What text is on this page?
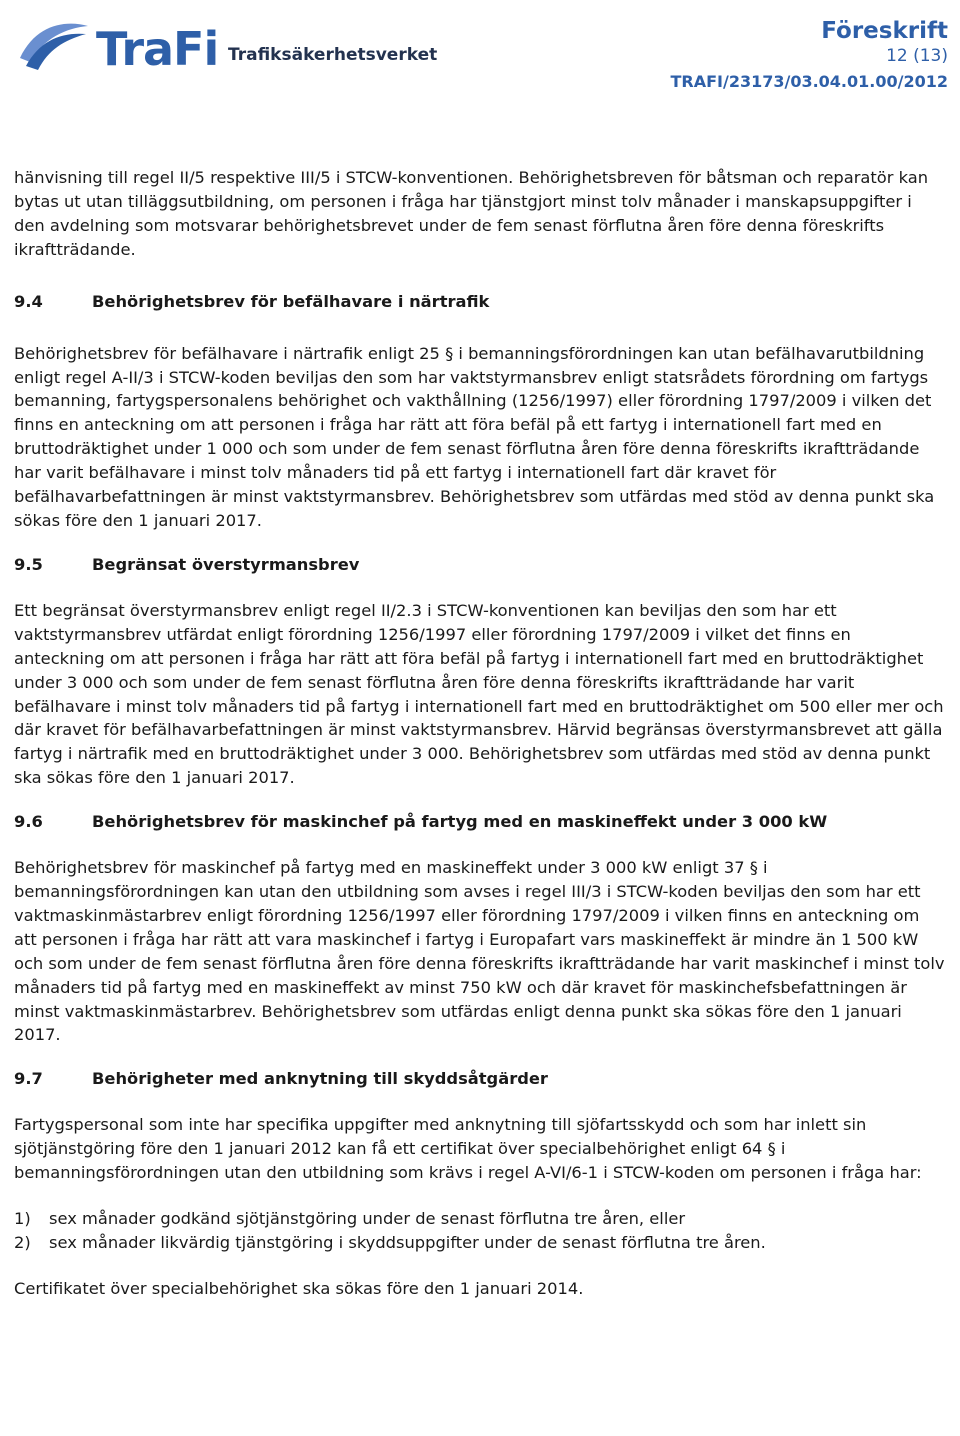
TraFi Trafiksäkerhetsverket
Föreskrift
12 (13)
TRAFI/23173/03.04.01.00/2012

hänvisning till regel II/5 respektive III/5 i STCW-konventionen. Behörighetsbreven för båtsman och reparatör kan bytas ut utan tilläggsutbildning, om personen i fråga har tjänstgjort minst tolv månader i manskapsuppgifter i den avdelning som motsvarar behörighetsbrevet under de fem senast förflutna åren före denna föreskrifts ikraftträdande.

9.4	Behörighetsbrev för befälhavare i närtrafik

Behörighetsbrev för befälhavare i närtrafik enligt 25 § i bemanningsförordningen kan utan befälhavarutbildning enligt regel A-II/3 i STCW-koden beviljas den som har vaktstyrmansbrev enligt statsrådets förordning om fartygs bemanning, fartygspersonalens behörighet och vakthållning (1256/1997) eller förordning 1797/2009 i vilken det finns en anteckning om att personen i fråga har rätt att föra befäl på ett fartyg i internationell fart med en bruttodräktighet under 1 000 och som under de fem senast förflutna åren före denna föreskrifts ikraftträdande har varit befälhavare i minst tolv månaders tid på ett fartyg i internationell fart där kravet för befälhavarbefattningen är minst vaktstyrmansbrev. Behörighetsbrev som utfärdas med stöd av denna punkt ska sökas före den 1 januari 2017.

9.5	Begränsat överstyrmansbrev

Ett begränsat överstyrmansbrev enligt regel II/2.3 i STCW-konventionen kan beviljas den som har ett vaktstyrmansbrev utfärdat enligt förordning 1256/1997 eller förordning 1797/2009 i vilket det finns en anteckning om att personen i fråga har rätt att föra befäl på fartyg i internationell fart med en bruttodräktighet under 3 000 och som under de fem senast förflutna åren före denna föreskrifts ikraftträdande har varit befälhavare i minst tolv månaders tid på fartyg i internationell fart med en bruttodräktighet om 500 eller mer och där kravet för befälhavarbefattningen är minst vaktstyrmansbrev. Härvid begränsas överstyrmansbrevet att gälla fartyg i närtrafik med en bruttodräktighet under 3 000. Behörighetsbrev som utfärdas med stöd av denna punkt ska sökas före den 1 januari 2017.

9.6	Behörighetsbrev för maskinchef på fartyg med en maskineffekt under 3 000 kW

Behörighetsbrev för maskinchef på fartyg med en maskineffekt under 3 000 kW enligt 37 § i bemanningsförordningen kan utan den utbildning som avses i regel III/3 i STCW-koden beviljas den som har ett vaktmaskinmästarbrev enligt förordning 1256/1997 eller förordning 1797/2009 i vilken finns en anteckning om att personen i fråga har rätt att vara maskinchef i fartyg i Europafart vars maskineffekt är mindre än 1 500 kW och som under de fem senast förflutna åren före denna föreskrifts ikraftträdande har varit maskinchef i minst tolv månaders tid på fartyg med en maskineffekt av minst 750 kW och där kravet för maskinchefsbefattningen är minst vaktmaskinmästarbrev. Behörighetsbrev som utfärdas enligt denna punkt ska sökas före den 1 januari 2017.

9.7	Behörigheter med anknytning till skyddsåtgärder

Fartygspersonal som inte har specifika uppgifter med anknytning till sjöfartsskydd och som har inlett sin sjötjänstgöring före den 1 januari 2012 kan få ett certifikat över specialbehörighet enligt 64 § i bemanningsförordningen utan den utbildning som krävs i regel A-VI/6-1 i STCW-koden om personen i fråga har:

1)	sex månader godkänd sjötjänstgöring under de senast förflutna tre åren, eller
2)	sex månader likvärdig tjänstgöring i skyddsuppgifter under de senast förflutna tre åren.

Certifikatet över specialbehörighet ska sökas före den 1 januari 2014.
